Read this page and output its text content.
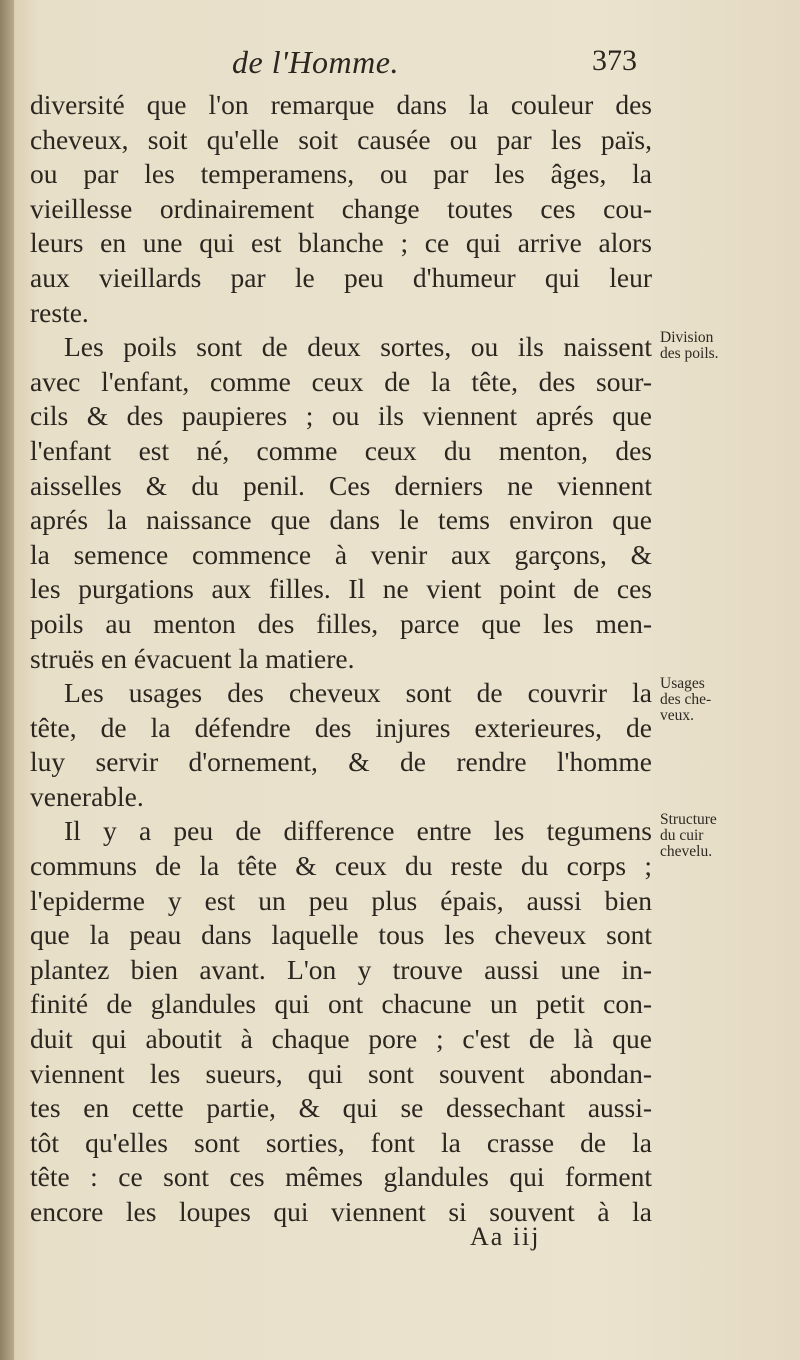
de l'Homme.	373
diversité que l'on remarque dans la couleur des
cheveux, soit qu'elle soit causée ou par les païs,
ou par les temperamens, ou par les âges, la
vieillesse ordinairement change toutes ces cou-
leurs en une qui est blanche ; ce qui arrive alors
aux vieillards par le peu d'humeur qui leur
reste.
Les poils sont de deux sortes, ou ils naissent
avec l'enfant, comme ceux de la tête, des sour-
cils & des paupieres ; ou ils viennent aprés que
l'enfant est né, comme ceux du menton, des
aisselles & du penil. Ces derniers ne viennent
aprés la naissance que dans le tems environ que
la semence commence à venir aux garçons, &
les purgations aux filles. Il ne vient point de ces
poils au menton des filles, parce que les men-
struës en évacuent la matiere.
Les usages des cheveux sont de couvrir la
tête, de la défendre des injures exterieures, de
luy servir d'ornement, & de rendre l'homme
venerable.
Il y a peu de difference entre les tegumens
communs de la tête & ceux du reste du corps ;
l'epiderme y est un peu plus épais, aussi bien
que la peau dans laquelle tous les cheveux sont
plantez bien avant. L'on y trouve aussi une in-
finité de glandules qui ont chacune un petit con-
duit qui aboutit à chaque pore ; c'est de là que
viennent les sueurs, qui sont souvent abondan-
tes en cette partie, & qui se dessechant aussi-
tôt qu'elles sont sorties, font la crasse de la
tête : ce sont ces mêmes glandules qui forment
encore les loupes qui viennent si souvent à la
Division
des poils.
Usages
des che-
veux.
Structure
du cuir
chevelu.
Aa iij
